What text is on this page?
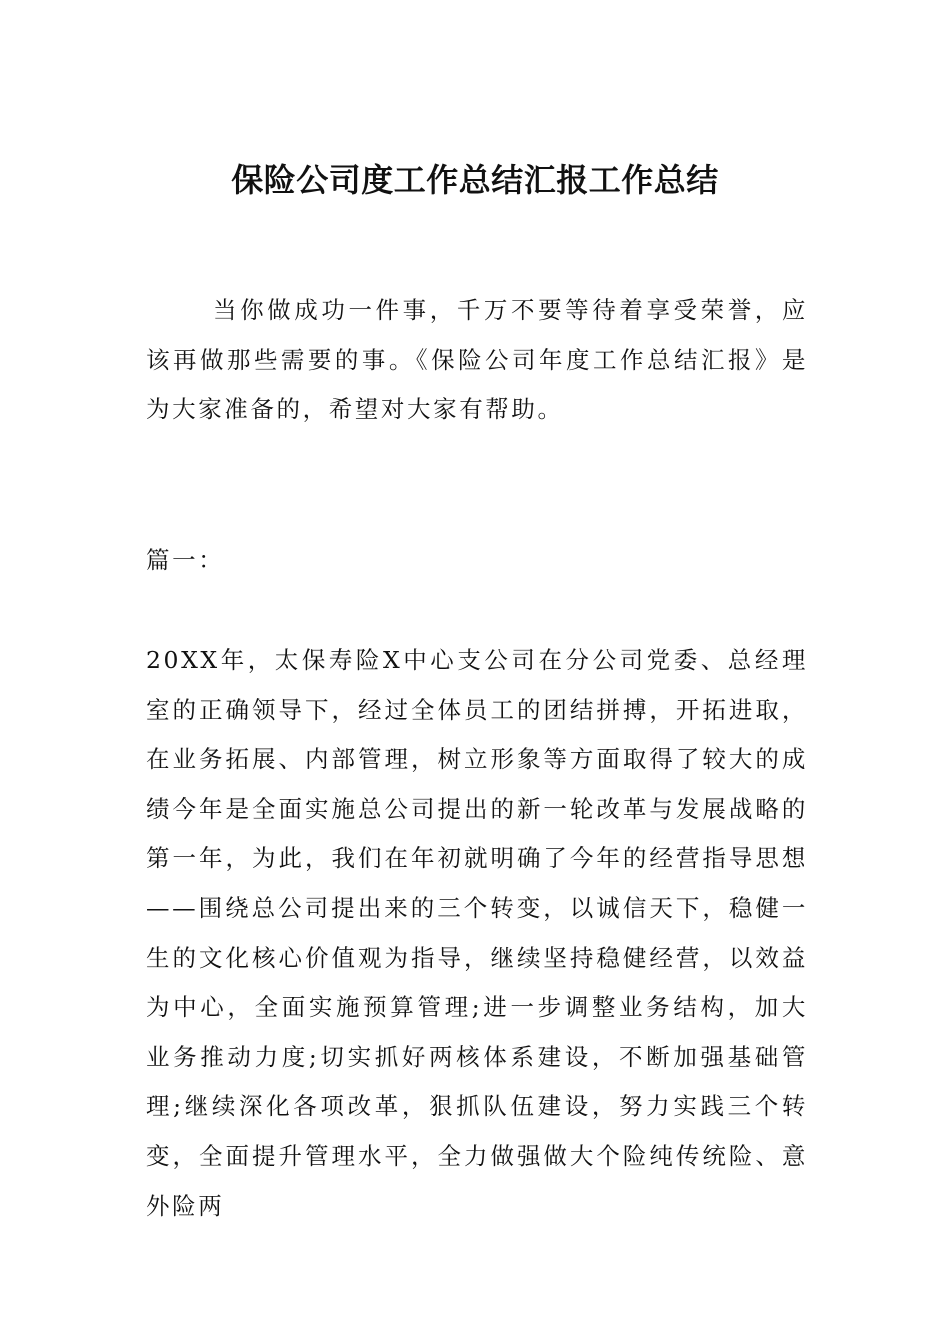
保险公司度工作总结汇报工作总结

当你做成功一件事，千万不要等待着享受荣誉，应该再做那些需要的事。《保险公司年度工作总结汇报》是为大家准备的，希望对大家有帮助。

篇一：

20XX年，太保寿险X中心支公司在分公司党委、总经理室的正确领导下，经过全体员工的团结拼搏，开拓进取，在业务拓展、内部管理，树立形象等方面取得了较大的成绩今年是全面实施总公司提出的新一轮改革与发展战略的第一年，为此，我们在年初就明确了今年的经营指导思想——围绕总公司提出来的三个转变，以诚信天下，稳健一生的文化核心价值观为指导，继续坚持稳健经营，以效益为中心，全面实施预算管理;进一步调整业务结构，加大业务推动力度;切实抓好两核体系建设，不断加强基础管理;继续深化各项改革，狠抓队伍建设，努力实践三个转变，全面提升管理水平，全力做强做大个险纯传统险、意外险两
